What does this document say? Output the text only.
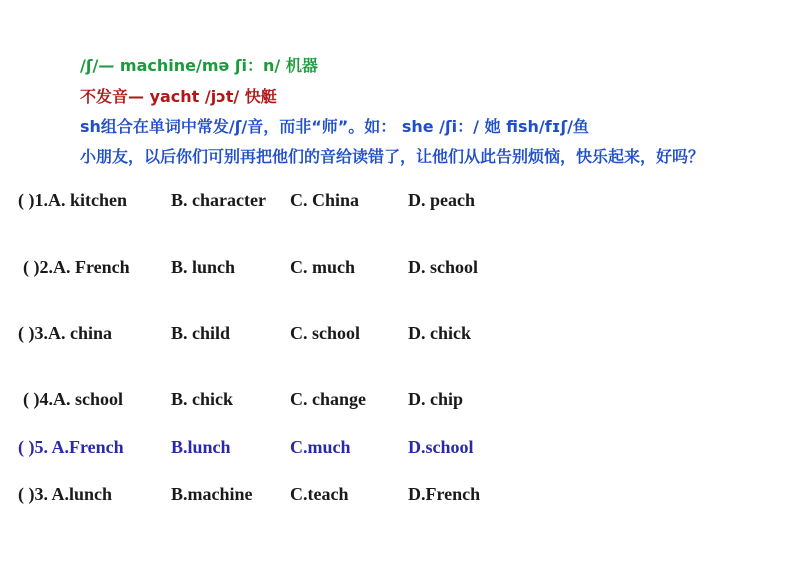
/ʃ/— machine/mə ʃi：n/ 机器
不发音— yacht /jɔt/ 快艇
sh组合在单词中常发/ʃ/音，而非“师”。如： she /ʃi：/ 她 fish/fɪʃ/鱼
小朋友，以后你们可别再把他们的音给读错了，让他们从此告别烦恼，快乐起来，好吗？
( )1.A. kitchen B. character C. China	D. peach
( )2.A. French B. lunch	C. much	D. school
( )3.A. china	B. child	C. school	D. chick
( )4.A. school	B. chick	C. change D. chip
( )5. A.French	B.lunch	C.much	D.school
( )3. A.lunch	B.machine C.teach	D.French
